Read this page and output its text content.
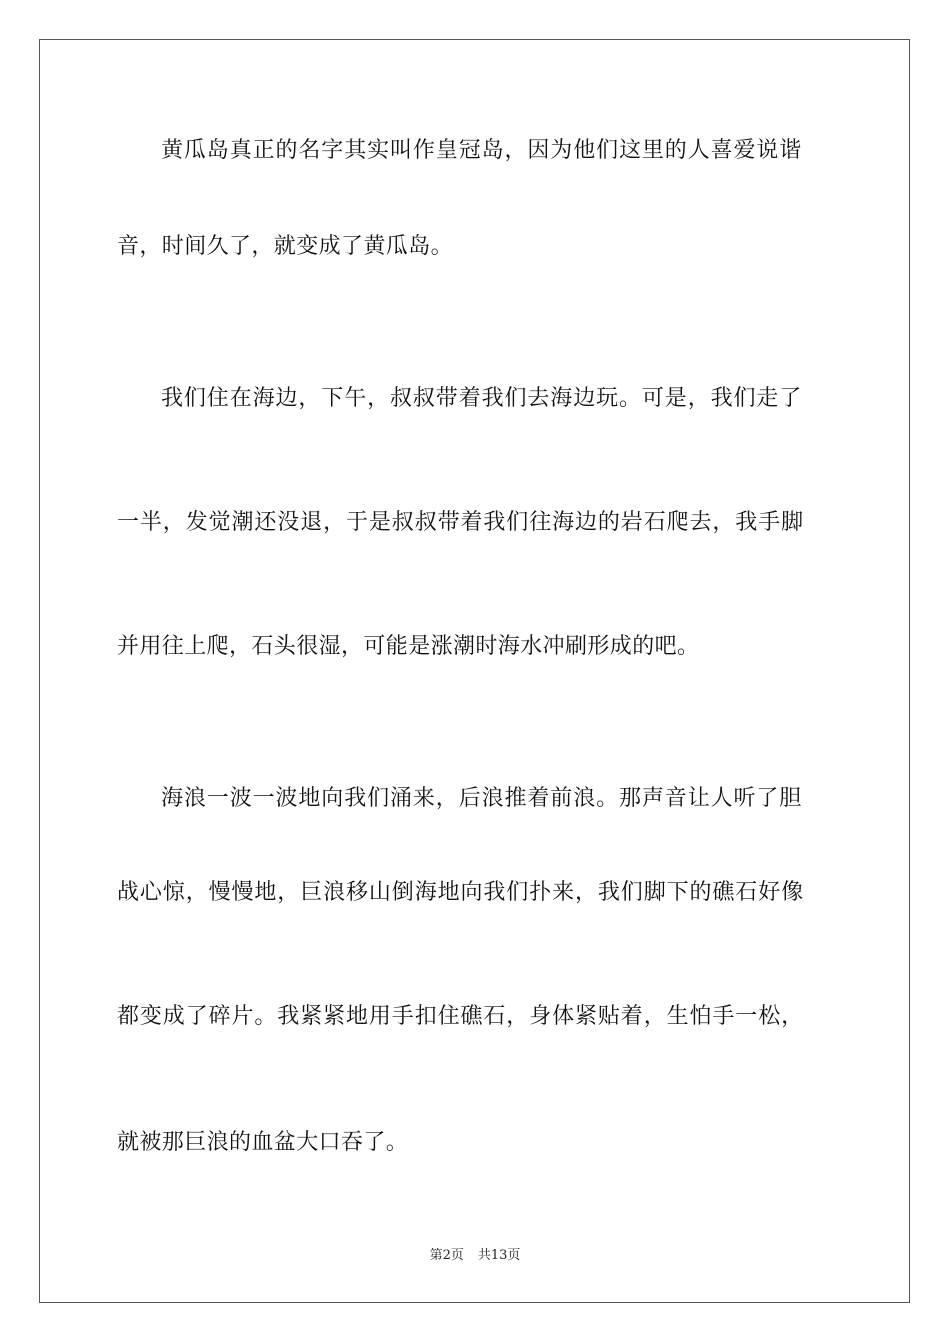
黄瓜岛真正的名字其实叫作皇冠岛，因为他们这里的人喜爱说谐
音，时间久了，就变成了黄瓜岛。
我们住在海边，下午，叔叔带着我们去海边玩。可是，我们走了
一半，发觉潮还没退，于是叔叔带着我们往海边的岩石爬去，我手脚
并用往上爬，石头很湿，可能是涨潮时海水冲刷形成的吧。
海浪一波一波地向我们涌来，后浪推着前浪。那声音让人听了胆
战心惊，慢慢地，巨浪移山倒海地向我们扑来，我们脚下的礁石好像
都变成了碎片。我紧紧地用手扣住礁石，身体紧贴着，生怕手一松，
就被那巨浪的血盆大口吞了。
第2页 共13页
